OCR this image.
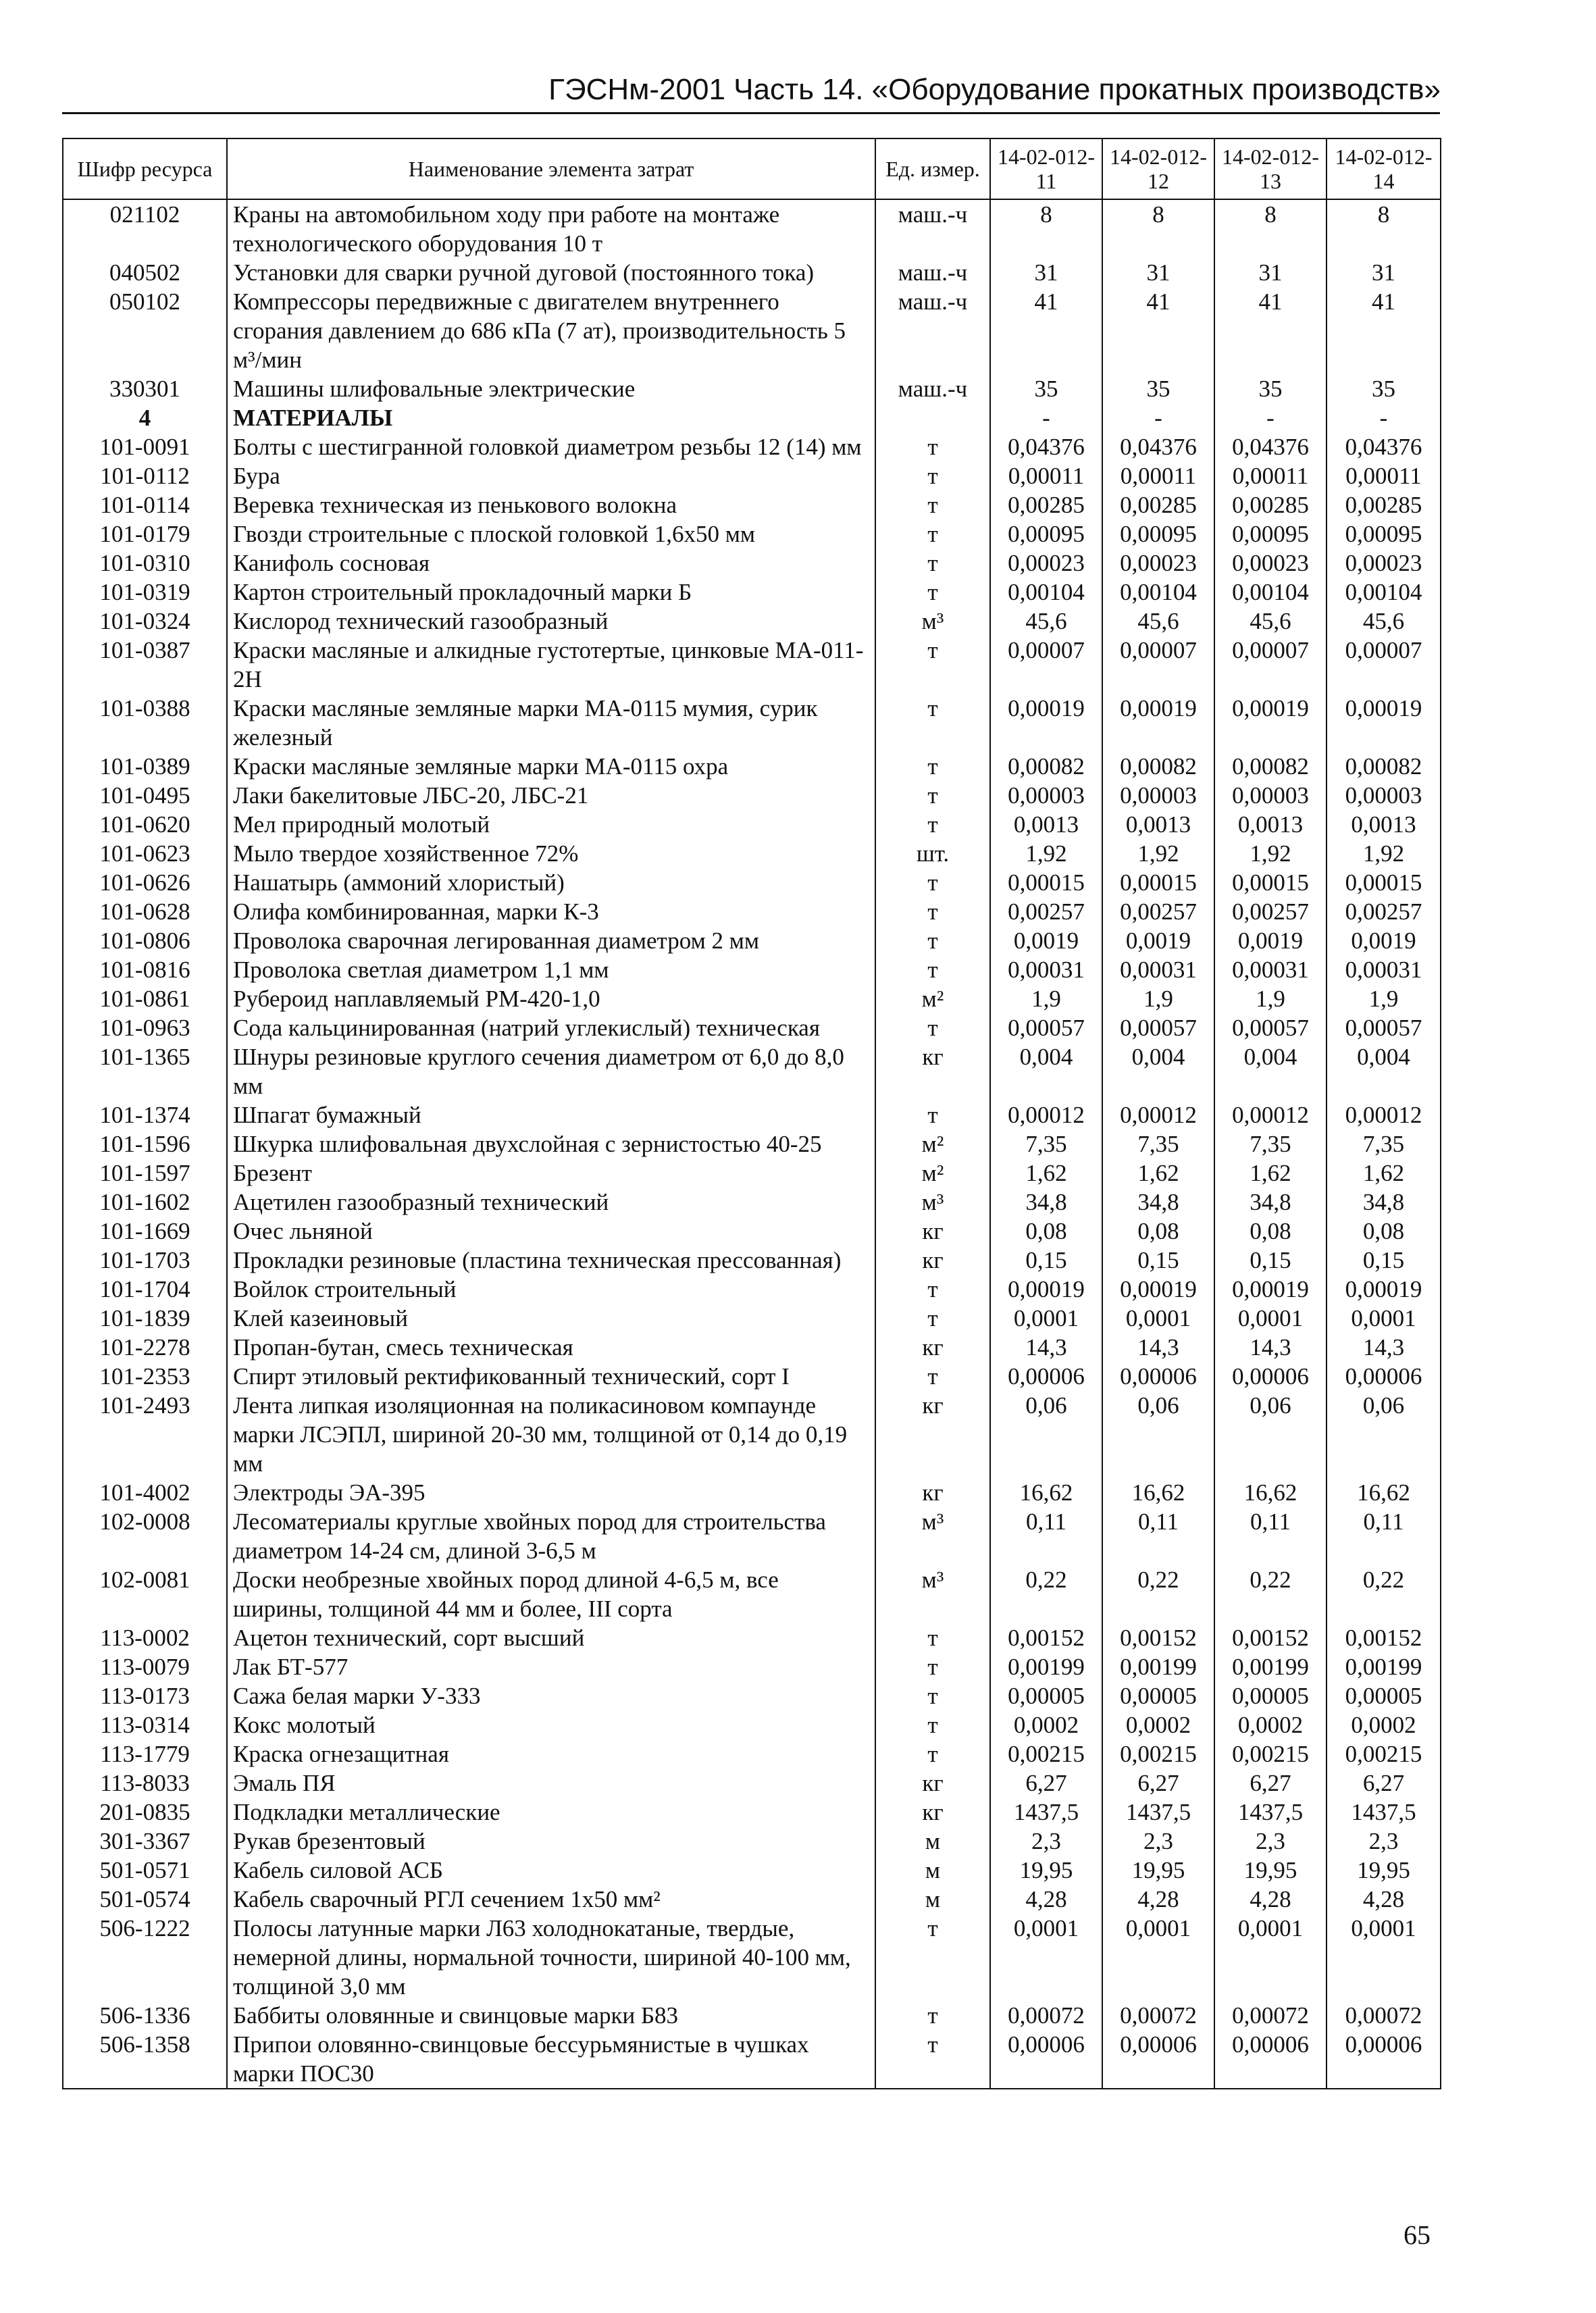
ГЭСНм-2001 Часть 14. «Оборудование прокатных производств»
Шифр ресурса	Наименование элемента затрат	Ед. измер.	14-02-012-11	14-02-012-12	14-02-012-13	14-02-012-14
021102	Краны на автомобильном ходу при работе на монтаже технологического оборудования 10 т	маш.-ч	8	8	8	8
040502	Установки для сварки ручной дуговой (постоянного тока)	маш.-ч	31	31	31	31
050102	Компрессоры передвижные с двигателем внутреннего сгорания давлением до 686 кПа (7 ат), производительность 5 м³/мин	маш.-ч	41	41	41	41
330301	Машины шлифовальные электрические	маш.-ч	35	35	35	35
4	МАТЕРИАЛЫ		-	-	-	-
101-0091	Болты с шестигранной головкой диаметром резьбы 12 (14) мм	т	0,04376	0,04376	0,04376	0,04376
101-0112	Бура	т	0,00011	0,00011	0,00011	0,00011
101-0114	Веревка техническая из пенькового волокна	т	0,00285	0,00285	0,00285	0,00285
101-0179	Гвозди строительные с плоской головкой 1,6х50 мм	т	0,00095	0,00095	0,00095	0,00095
101-0310	Канифоль сосновая	т	0,00023	0,00023	0,00023	0,00023
101-0319	Картон строительный прокладочный марки Б	т	0,00104	0,00104	0,00104	0,00104
101-0324	Кислород технический газообразный	м³	45,6	45,6	45,6	45,6
101-0387	Краски масляные и алкидные густотертые, цинковые МА-011-2Н	т	0,00007	0,00007	0,00007	0,00007
101-0388	Краски масляные земляные марки МА-0115 мумия, сурик железный	т	0,00019	0,00019	0,00019	0,00019
101-0389	Краски масляные земляные марки МА-0115 охра	т	0,00082	0,00082	0,00082	0,00082
101-0495	Лаки бакелитовые ЛБС-20, ЛБС-21	т	0,00003	0,00003	0,00003	0,00003
101-0620	Мел природный молотый	т	0,0013	0,0013	0,0013	0,0013
101-0623	Мыло твердое хозяйственное 72%	шт.	1,92	1,92	1,92	1,92
101-0626	Нашатырь (аммоний хлористый)	т	0,00015	0,00015	0,00015	0,00015
101-0628	Олифа комбинированная, марки К-3	т	0,00257	0,00257	0,00257	0,00257
101-0806	Проволока сварочная легированная диаметром 2 мм	т	0,0019	0,0019	0,0019	0,0019
101-0816	Проволока светлая диаметром 1,1 мм	т	0,00031	0,00031	0,00031	0,00031
101-0861	Рубероид наплавляемый РМ-420-1,0	м²	1,9	1,9	1,9	1,9
101-0963	Сода кальцинированная (натрий углекислый) техническая	т	0,00057	0,00057	0,00057	0,00057
101-1365	Шнуры резиновые круглого сечения диаметром от 6,0 до 8,0 мм	кг	0,004	0,004	0,004	0,004
101-1374	Шпагат бумажный	т	0,00012	0,00012	0,00012	0,00012
101-1596	Шкурка шлифовальная двухслойная с зернистостью 40-25	м²	7,35	7,35	7,35	7,35
101-1597	Брезент	м²	1,62	1,62	1,62	1,62
101-1602	Ацетилен газообразный технический	м³	34,8	34,8	34,8	34,8
101-1669	Очес льняной	кг	0,08	0,08	0,08	0,08
101-1703	Прокладки резиновые (пластина техническая прессованная)	кг	0,15	0,15	0,15	0,15
101-1704	Войлок строительный	т	0,00019	0,00019	0,00019	0,00019
101-1839	Клей казеиновый	т	0,0001	0,0001	0,0001	0,0001
101-2278	Пропан-бутан, смесь техническая	кг	14,3	14,3	14,3	14,3
101-2353	Спирт этиловый ректификованный технический, сорт I	т	0,00006	0,00006	0,00006	0,00006
101-2493	Лента липкая изоляционная на поликасиновом компаунде марки ЛСЭПЛ, шириной 20-30 мм, толщиной от 0,14 до 0,19 мм	кг	0,06	0,06	0,06	0,06
101-4002	Электроды ЭА-395	кг	16,62	16,62	16,62	16,62
102-0008	Лесоматериалы круглые хвойных пород для строительства диаметром 14-24 см, длиной 3-6,5 м	м³	0,11	0,11	0,11	0,11
102-0081	Доски необрезные хвойных пород длиной 4-6,5 м, все ширины, толщиной 44 мм и более, III сорта	м³	0,22	0,22	0,22	0,22
113-0002	Ацетон технический, сорт высший	т	0,00152	0,00152	0,00152	0,00152
113-0079	Лак БТ-577	т	0,00199	0,00199	0,00199	0,00199
113-0173	Сажа белая марки У-333	т	0,00005	0,00005	0,00005	0,00005
113-0314	Кокс молотый	т	0,0002	0,0002	0,0002	0,0002
113-1779	Краска огнезащитная	т	0,00215	0,00215	0,00215	0,00215
113-8033	Эмаль ПЯ	кг	6,27	6,27	6,27	6,27
201-0835	Подкладки металлические	кг	1437,5	1437,5	1437,5	1437,5
301-3367	Рукав брезентовый	м	2,3	2,3	2,3	2,3
501-0571	Кабель силовой АСБ	м	19,95	19,95	19,95	19,95
501-0574	Кабель сварочный РГЛ сечением 1х50 мм²	м	4,28	4,28	4,28	4,28
506-1222	Полосы латунные марки Л63 холоднокатаные, твердые, немерной длины, нормальной точности, шириной 40-100 мм, толщиной 3,0 мм	т	0,0001	0,0001	0,0001	0,0001
506-1336	Баббиты оловянные и свинцовые марки Б83	т	0,00072	0,00072	0,00072	0,00072
506-1358	Припои оловянно-свинцовые бессурьмянистые в чушках марки ПОС30	т	0,00006	0,00006	0,00006	0,00006
65
